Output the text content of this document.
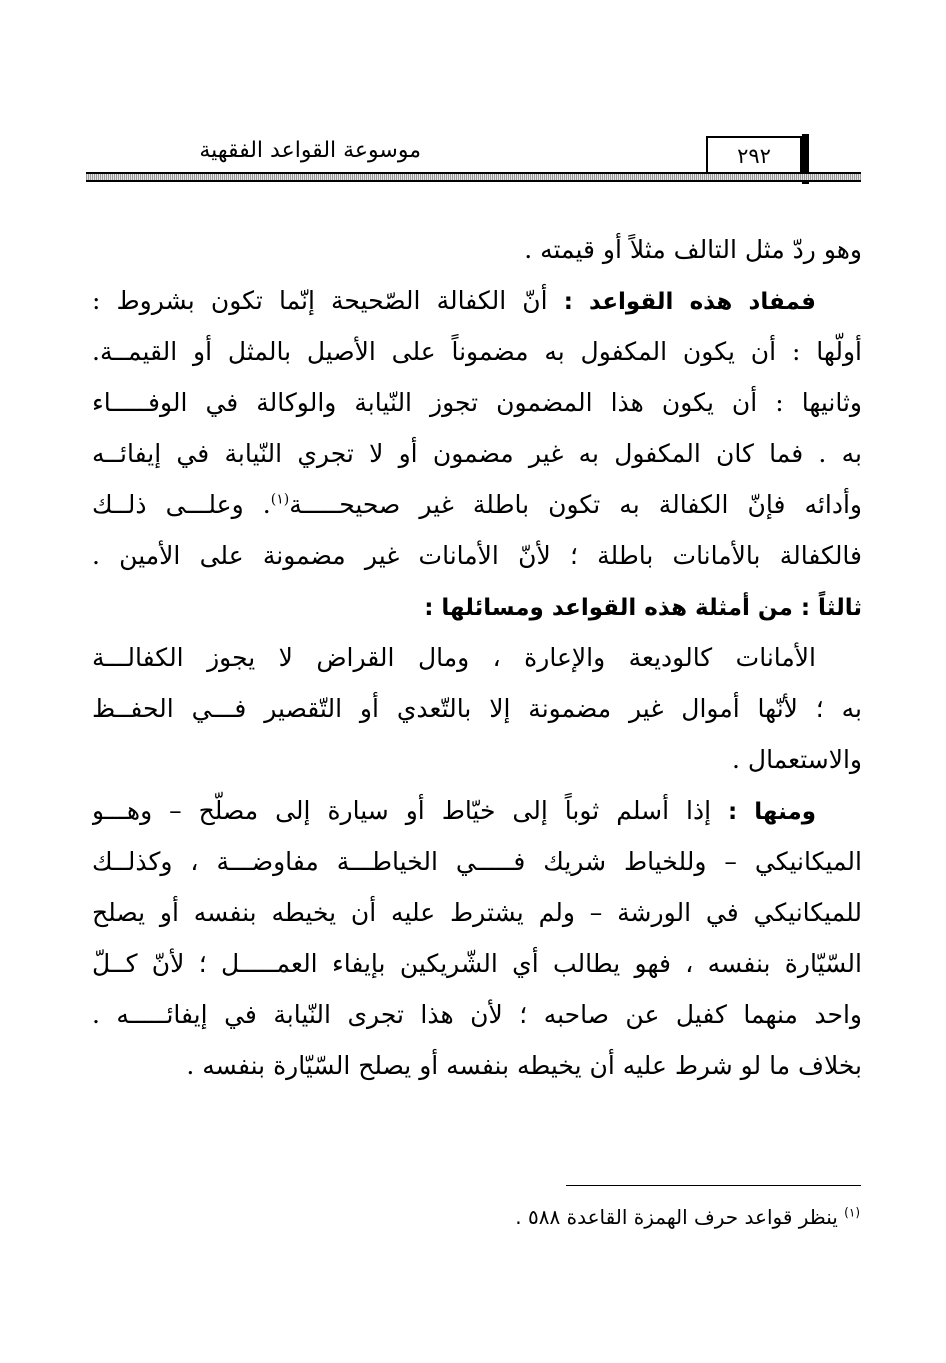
موسوعة القواعد الفقهية	٢٩٢
وهو ردّ مثل التالف مثلاً أو قيمته .
فمفاد هذه القواعد : أنّ الكفالة الصّحيحة إنّما تكون بشروط :
أولّها : أن يكون المكفول به مضموناً على الأصيل بالمثل أو القيمــة.
وثانيها : أن يكون هذا المضمون تجوز النّيابة والوكالة في الوفـــــاء
به . فما كان المكفول به غير مضمون أو لا تجري النّيابة في إيفائــه
وأدائه فإنّ الكفالة به تكون باطلة غير صحيحـــــة$^{(١)}$. وعلـــى ذلــك
فالكفالة بالأمانات باطلة ؛ لأنّ الأمانات غير مضمونة على الأمين .
ثالثاً : من أمثلة هذه القواعد ومسائلها :
الأمانات كالوديعة والإعارة ، ومال القراض لا يجوز الكفالـــة
به ؛ لأنّها أموال غير مضمونة إلا بالتّعدي أو التّقصير فـــي الحفــظ
والاستعمال .
ومنها : إذا أسلم ثوباً إلى خيّاط أو سيارة إلى مصلّح – وهـــو
الميكانيكي – وللخياط شريك فـــــي الخياطـــة مفاوضـــة ، وكذلــك
للميكانيكي في الورشة – ولم يشترط عليه أن يخيطه بنفسه أو يصلح
السّيّارة بنفسه ، فهو يطالب أي الشّريكين بإيفاء العمـــــل ؛ لأنّ كــلّ
واحد منهما كفيل عن صاحبه ؛ لأن هذا تجرى النّيابة في إيفائـــــه .
بخلاف ما لو شرط عليه أن يخيطه بنفسه أو يصلح السّيّارة بنفسه .
$^{(١)}$ ينظر قواعد حرف الهمزة القاعدة ٥٨٨ .
